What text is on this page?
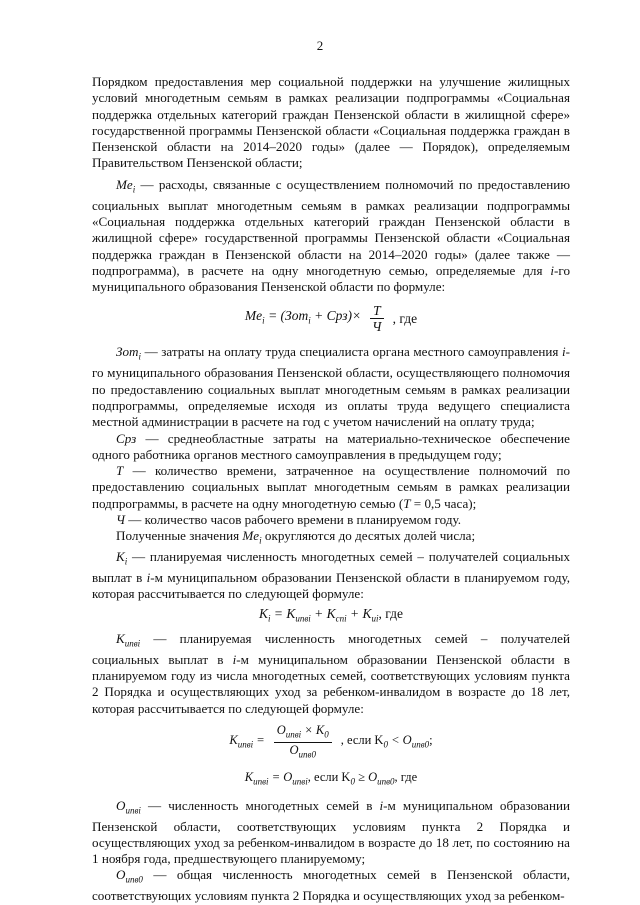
2

Порядком предоставления мер социальной поддержки на улучшение жилищных условий многодетным семьям в рамках реализации подпрограммы «Социальная поддержка отдельных категорий граждан Пензенской области в жилищной сфере» государственной программы Пензенской области «Социальная поддержка граждан в Пензенской области на 2014–2020 годы» (далее — Порядок), определяемым Правительством Пензенской области;

$Me_i$ — расходы, связанные с осуществлением полномочий по предоставлению социальных выплат многодетным семьям в рамках реализации подпрограммы «Социальная поддержка отдельных категорий граждан Пензенской области в жилищной сфере» государственной программы Пензенской области «Социальная поддержка граждан в Пензенской области на 2014–2020 годы» (далее также — подпрограмма), в расчете на одну многодетную семью, определяемые для i-го муниципального образования Пензенской области по формуле:

$Me_i = (Зот_i + Срз)\times \frac{T}{Ч}$ , где

Зот$_i$ — затраты на оплату труда специалиста органа местного самоуправления i-го муниципального образования Пензенской области, осуществляющего полномочия по предоставлению социальных выплат многодетным семьям в рамках реализации подпрограммы, определяемые исходя из оплаты труда ведущего специалиста местной администрации в расчете на год с учетом начислений на оплату труда;

Срз — среднеобластные затраты на материально-техническое обеспечение одного работника органов местного самоуправления в предыдущем году;

T — количество времени, затраченное на осуществление полномочий по предоставлению социальных выплат многодетным семьям в рамках реализации подпрограммы, в расчете на одну многодетную семью (T = 0,5 часа);

Ч — количество часов рабочего времени в планируемом году.

Полученные значения $Me_i$ округляются до десятых долей числа;

$K_i$ — планируемая численность многодетных семей – получателей социальных выплат в i-м муниципальном образовании Пензенской области в планируемом году, которая рассчитывается по следующей формуле:

$K_i = K_{иnвi} + K_{cпi} + K_{ui}$, где

$K_{иnвi}$ — планируемая численность многодетных семей – получателей социальных выплат в i-м муниципальном образовании Пензенской области в планируемом году из числа многодетных семей, соответствующих условиям пункта 2 Порядка и осуществляющих уход за ребенком-инвалидом в возрасте до 18 лет, которая рассчитывается по следующей формуле:

$K_{иnвi} = \frac{O_{иnвi} \times K_0}{O_{иnв0}}$ , если $K_0 < O_{иnв0}$;
$K_{иnвi} = O_{иnвi}$, если $K_0 \ge O_{иnв0}$, где

$O_{иnвi}$ — численность многодетных семей в i-м муниципальном образовании Пензенской области, соответствующих условиям пункта 2 Порядка и осуществляющих уход за ребенком-инвалидом в возрасте до 18 лет, по состоянию на 1 ноября года, предшествующего планируемому;

$O_{иnв0}$ — общая численность многодетных семей в Пензенской области, соответствующих условиям пункта 2 Порядка и осуществляющих уход за ребенком-
